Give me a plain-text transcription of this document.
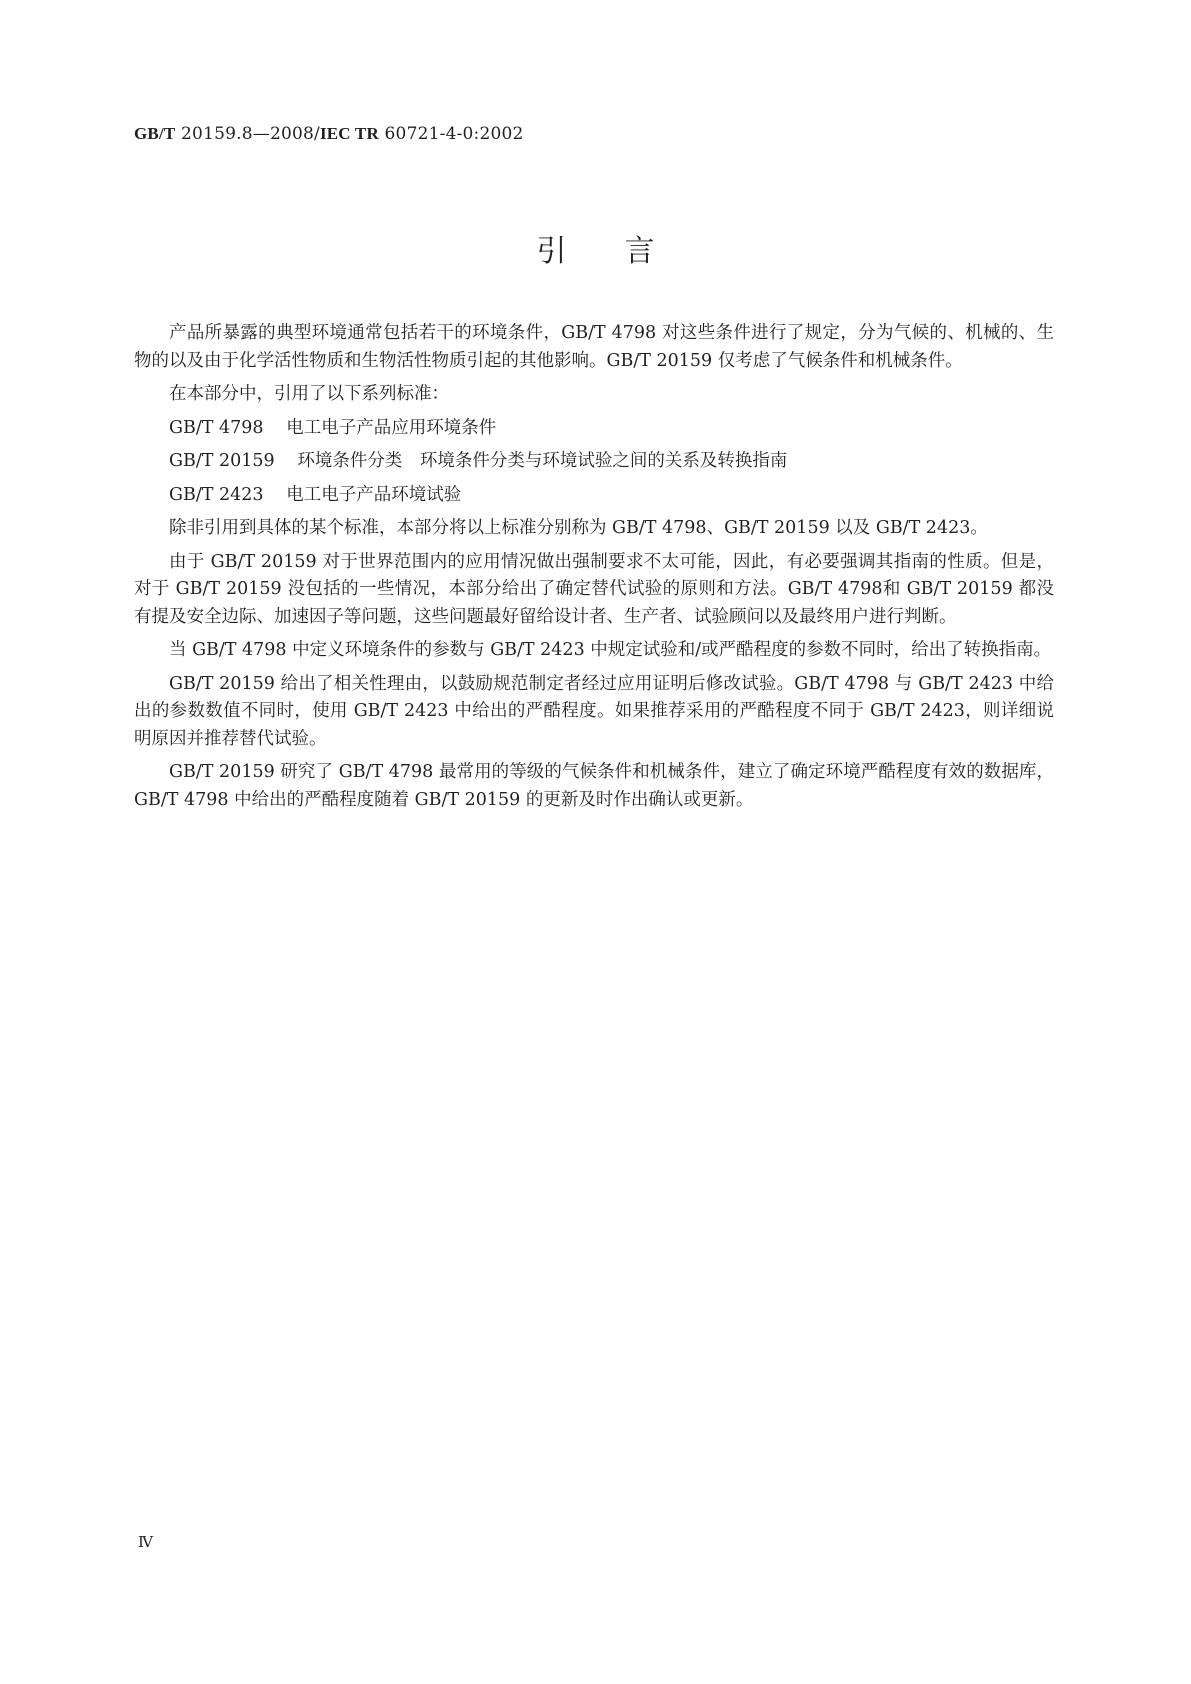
GB/T 20159.8—2008/IEC TR 60721-4-0:2002
引言

产品所暴露的典型环境通常包括若干的环境条件，GB/T 4798 对这些条件进行了规定，分为气候的、机械的、生物的以及由于化学活性物质和生物活性物质引起的其他影响。GB/T 20159 仅考虑了气候条件和机械条件。

在本部分中，引用了以下系列标准：

GB/T 4798 电工电子产品应用环境条件

GB/T 20159 环境条件分类　环境条件分类与环境试验之间的关系及转换指南

GB/T 2423 电工电子产品环境试验

除非引用到具体的某个标准，本部分将以上标准分别称为 GB/T 4798、GB/T 20159 以及 GB/T 2423。

由于 GB/T 20159 对于世界范围内的应用情况做出强制要求不太可能，因此，有必要强调其指南的性质。但是，对于 GB/T 20159 没包括的一些情况，本部分给出了确定替代试验的原则和方法。GB/T 4798和 GB/T 20159 都没有提及安全边际、加速因子等问题，这些问题最好留给设计者、生产者、试验顾问以及最终用户进行判断。

当 GB/T 4798 中定义环境条件的参数与 GB/T 2423 中规定试验和/或严酷程度的参数不同时，给出了转换指南。

GB/T 20159 给出了相关性理由，以鼓励规范制定者经过应用证明后修改试验。GB/T 4798 与 GB/T 2423 中给出的参数数值不同时，使用 GB/T 2423 中给出的严酷程度。如果推荐采用的严酷程度不同于 GB/T 2423，则详细说明原因并推荐替代试验。

GB/T 20159 研究了 GB/T 4798 最常用的等级的气候条件和机械条件，建立了确定环境严酷程度有效的数据库，GB/T 4798 中给出的严酷程度随着 GB/T 20159 的更新及时作出确认或更新。

Ⅳ
